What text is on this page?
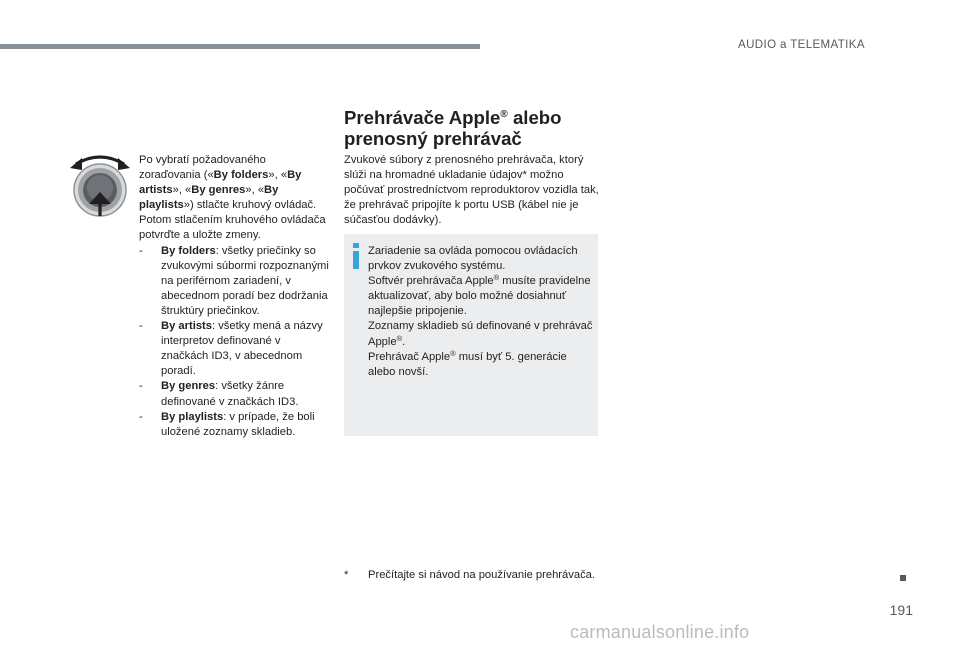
AUDIO a TELEMATIKA

Po vybratí požadovaného zoraďovania («By folders», «By artists», «By genres», «By playlists») stlačte kruhový ovládač.

Potom stlačením kruhového ovládača potvrďte a uložte zmeny.

- By folders: všetky priečinky so zvukovými súbormi rozpoznanými na periférnom zariadení, v abecednom poradí bez dodržania štruktúry priečinkov.
- By artists: všetky mená a názvy interpretov definované v značkách ID3, v abecednom poradí.
- By genres: všetky žánre definované v značkách ID3.
- By playlists: v prípade, že boli uložené zoznamy skladieb.
Prehrávače Apple® alebo prenosný prehrávač

Zvukové súbory z prenosného prehrávača, ktorý slúži na hromadné ukladanie údajov* možno počúvať prostredníctvom reproduktorov vozidla tak, že prehrávač pripojíte k portu USB (kábel nie je súčasťou dodávky).

Zariadenie sa ovláda pomocou ovládacích prvkov zvukového systému.

Softvér prehrávača Apple® musíte pravidelne aktualizovať, aby bolo možné dosiahnuť najlepšie pripojenie.

Zoznamy skladieb sú definované v prehrávač Apple®.

Prehrávač Apple® musí byť 5. generácie alebo novší.

*	Prečítajte si návod na používanie prehrávača.
191
carmanualsonline.info
